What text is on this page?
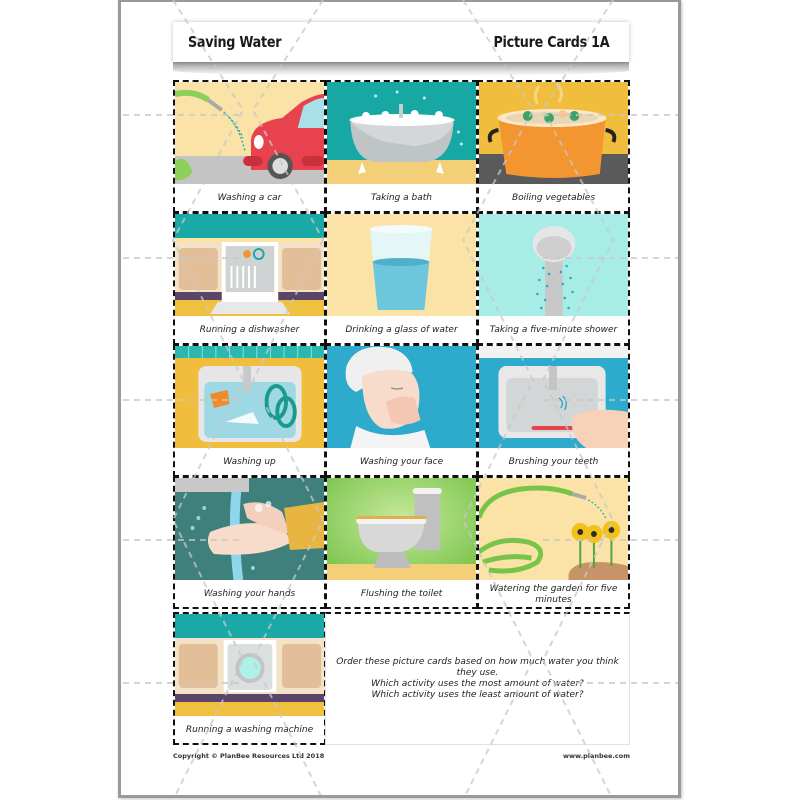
Saving Water	Picture Cards 1A
Washing a car	Taking a bath	Boiling vegetables
Running a dishwasher	Drinking a glass of water	Taking a five-minute shower
Washing up	Washing your face	Brushing your teeth
Washing your hands	Flushing the toilet
Watering the garden for five minutes
Running a washing machine

Order these picture cards based on how much water you think they use.

Which activity uses the most amount of water?

Which activity uses the least amount of water?

Copyright © PlanBee Resources Ltd 2018	www.planbee.com
